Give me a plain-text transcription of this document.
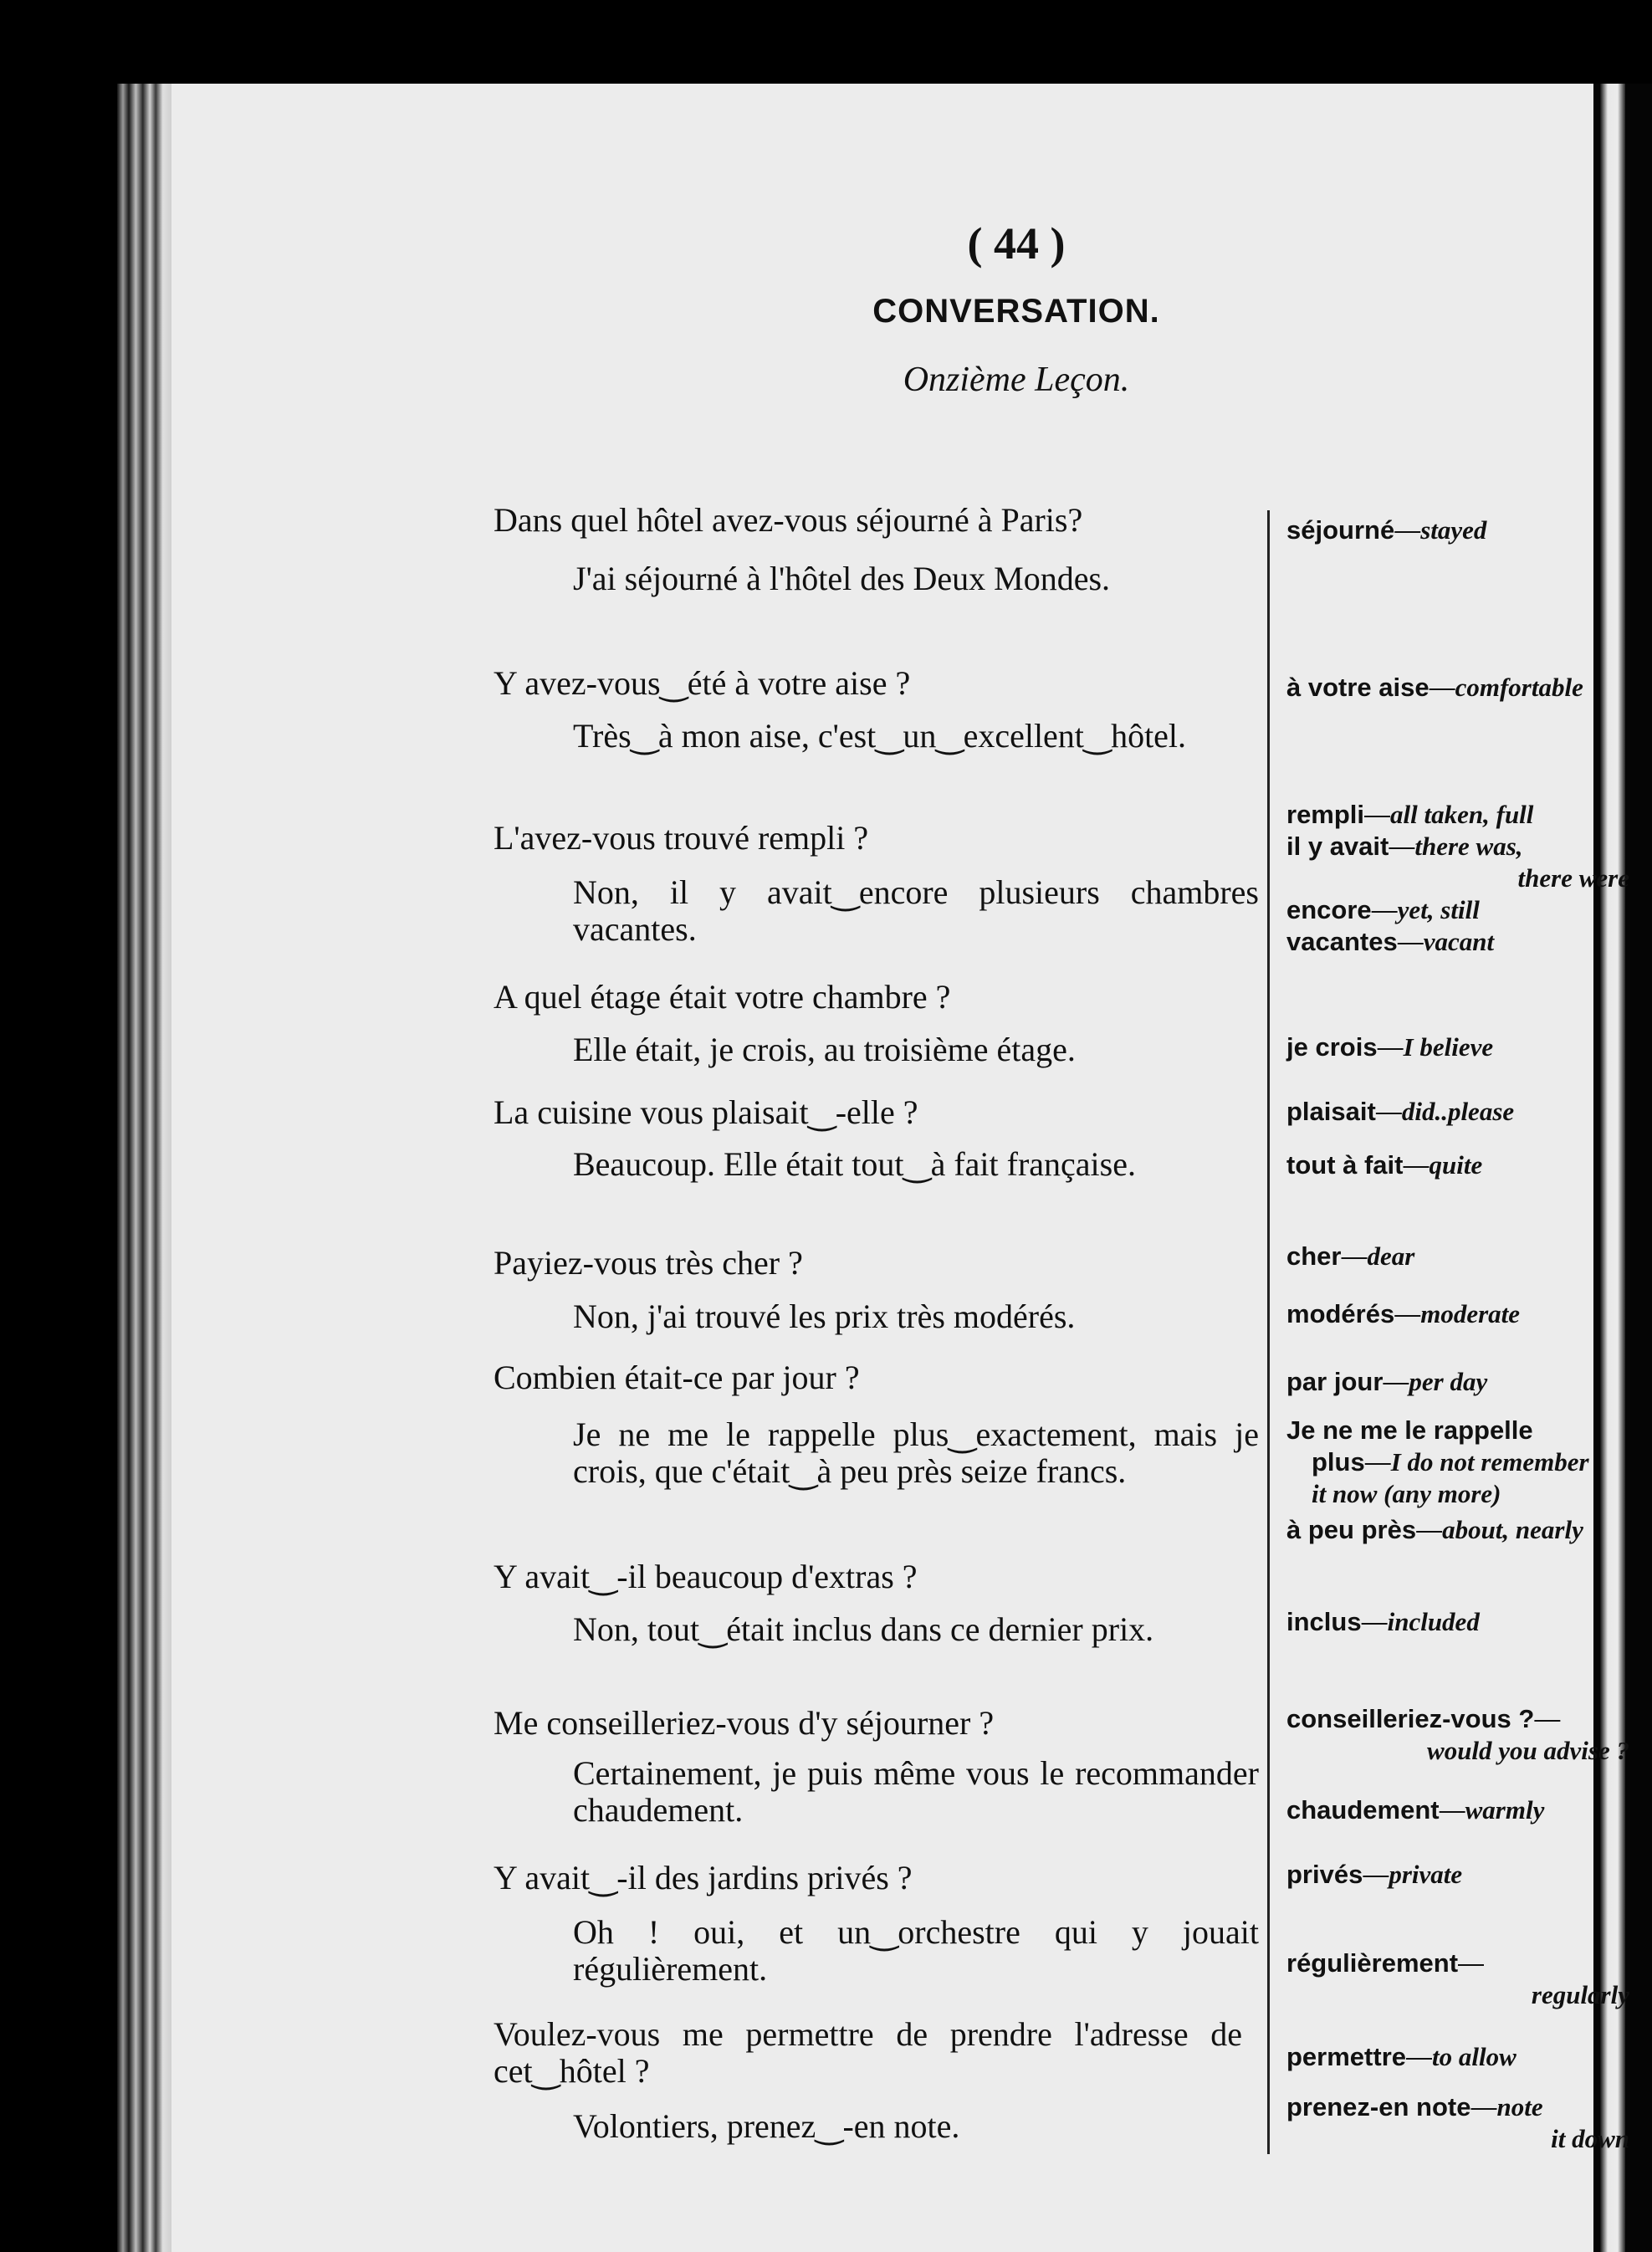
( 44 )
CONVERSATION.
Onzième Leçon.
Dans quel hôtel avez-vous séjourné à Paris?
J'ai séjourné à l'hôtel des Deux Mondes.
Y avez-vous‿été à votre aise ?
Très‿à mon aise, c'est‿un‿excellent‿hôtel.
L'avez-vous trouvé rempli ?
Non, il y avait‿encore plusieurs chambres vacantes.
A quel étage était votre chambre ?
Elle était, je crois, au troisième étage.
La cuisine vous plaisait‿-elle ?
Beaucoup. Elle était tout‿à fait française.
Payiez-vous très cher ?
Non, j'ai trouvé les prix très modérés.
Combien était-ce par jour ?
Je ne me le rappelle plus‿exactement, mais je crois, que c'était‿à peu près seize francs.
Y avait‿-il beaucoup d'extras ?
Non, tout‿était inclus dans ce dernier prix.
Me conseilleriez-vous d'y séjourner ?
Certainement, je puis même vous le recommander chaudement.
Y avait‿-il des jardins privés ?
Oh ! oui, et un‿orchestre qui y jouait régulièrement.
Voulez-vous me permettre de prendre l'adresse de cet‿hôtel ?
Volontiers, prenez‿-en note.
séjourné—stayed
à votre aise—comfortable
rempli—all taken, full
il y avait—there was,
there were
encore—yet, still
vacantes—vacant
je crois—I believe
plaisait—did..please
tout à fait—quite
cher—dear
modérés—moderate
par jour—per day
Je ne me le rappelle
plus—I do not remember
it now (any more)
à peu près—about, nearly
inclus—included
conseilleriez-vous ?—
would you advise ?
chaudement—warmly
privés—private
régulièrement—
regularly
permettre—to allow
prenez-en note—note
it down
